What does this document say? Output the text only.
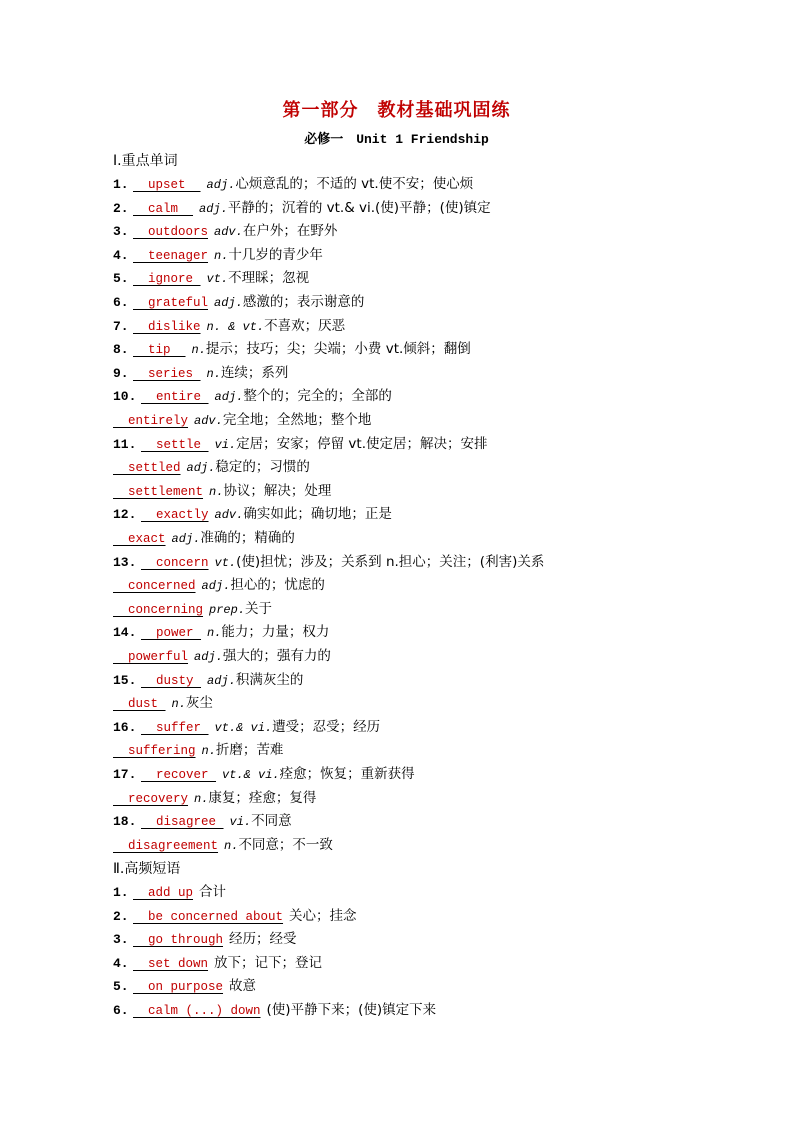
第一部分　教材基础巩固练
必修一　Unit 1 Friendship
Ⅰ.重点单词
1.  upset  adj.心烦意乱的；不适的 vt.使不安；使心烦
2.  calm  adj.平静的；沉着的 vt.& vi.(使)平静；(使)镇定
3.  outdoors adv.在户外；在野外
4.  teenager n.十几岁的青少年
5.  ignore vt.不理睬；忽视
6.  grateful adj.感激的；表示谢意的
7.  dislike n. & vt.不喜欢；厌恶
8.  tip  n.提示；技巧；尖；尖端；小费 vt.倾斜；翻倒
9.  series n.连续；系列
10.  entire adj.整个的；完全的；全部的
entirely adv.完全地；全然地；整个地
11.  settle vi.定居；安家；停留 vt.使定居；解决；安排
settled adj.稳定的；习惯的
settlement n.协议；解决；处理
12.  exactly adv.确实如此；确切地；正是
exact adj.准确的；精确的
13.  concern vt.(使)担忧；涉及；关系到 n.担心；关注；(利害)关系
concerned adj.担心的；忧虑的
concerning prep.关于
14.  power n.能力；力量；权力
powerful adj.强大的；强有力的
15.  dusty adj.积满灰尘的
dust n.灰尘
16.  suffer vt.& vi.遭受；忍受；经历
suffering n.折磨；苦难
17.  recover vt.& vi.痊愈；恢复；重新获得
recovery n.康复；痊愈；复得
18.  disagree vi.不同意
disagreement n.不同意；不一致
Ⅱ.高频短语
1.  add up 合计
2.  be concerned about 关心；挂念
3.  go through 经历；经受
4.  set down 放下；记下；登记
5.  on purpose 故意
6.  calm (...) down (使)平静下来；(使)镇定下来
